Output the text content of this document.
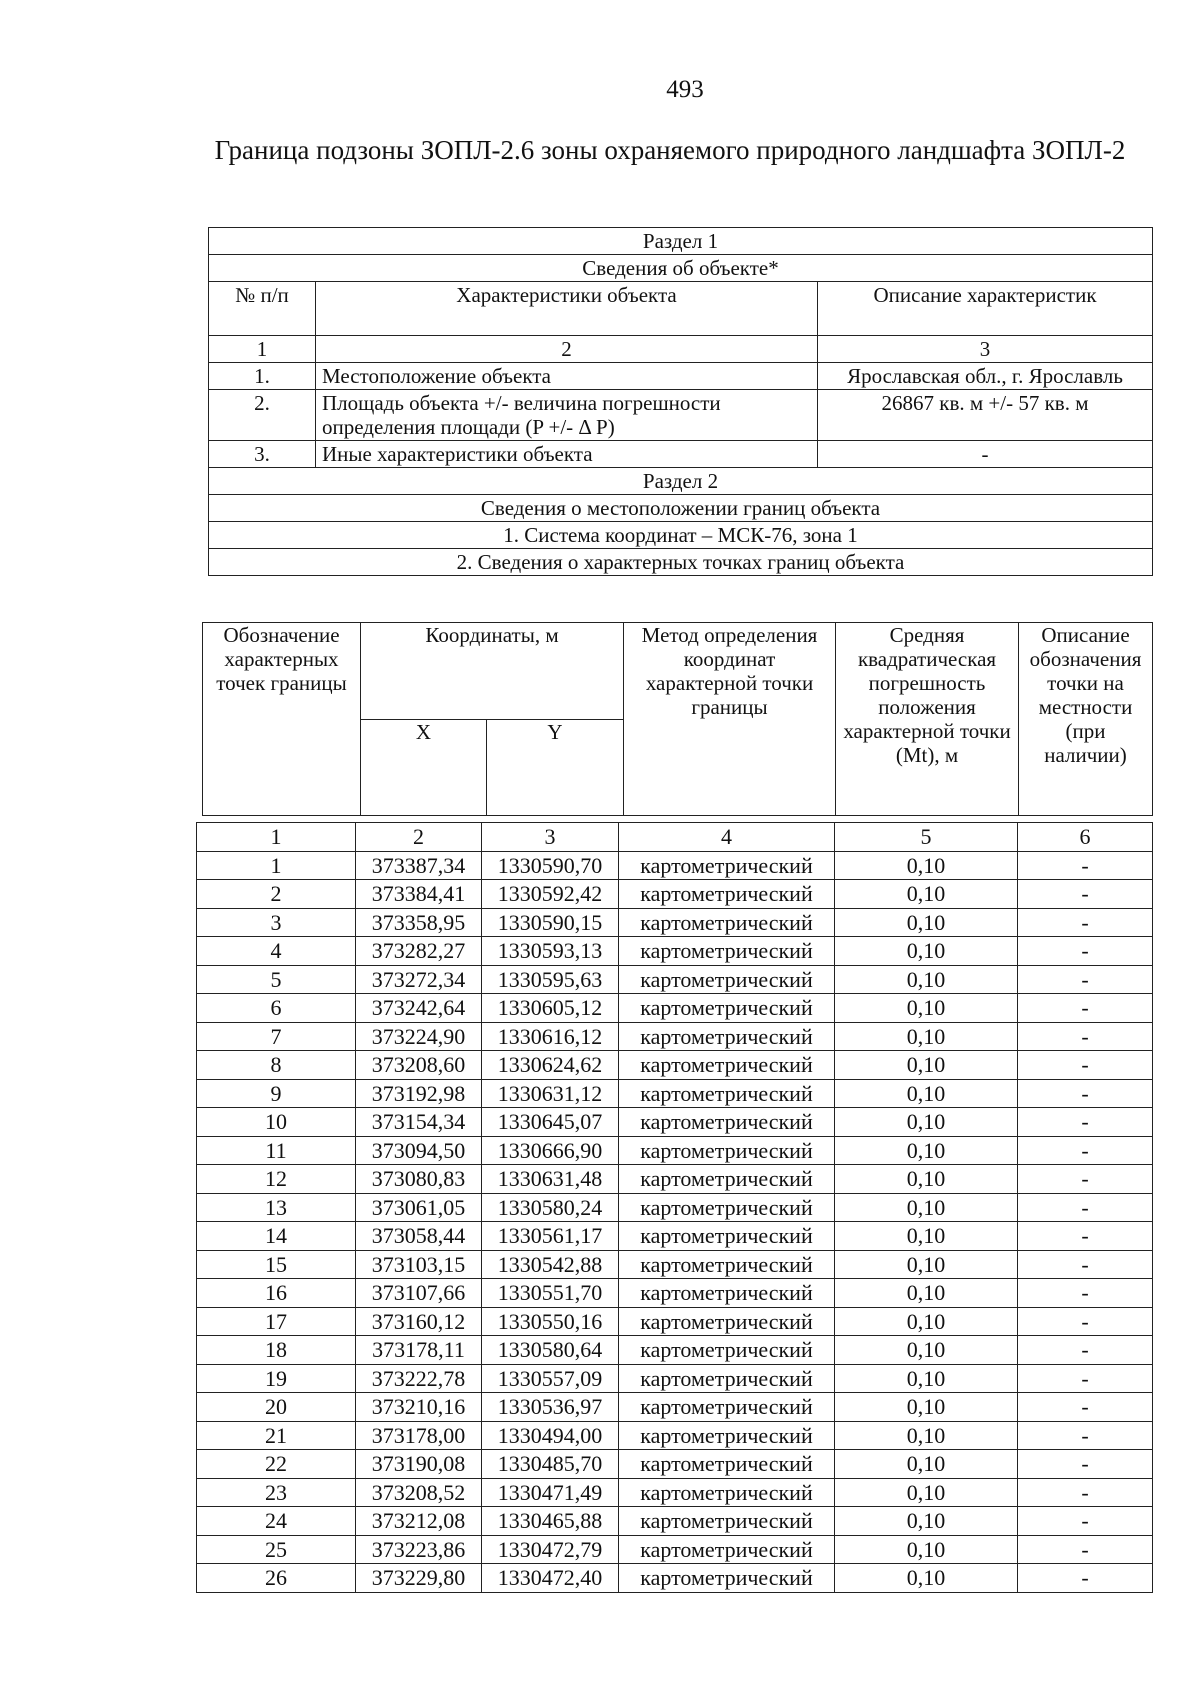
493
Граница подзоны ЗОПЛ-2.6 зоны охраняемого природного ландшафта ЗОПЛ-2
Раздел 1		
Сведения об объекте*		
№ п/п	Характеристики объекта	Описание характеристик
1	2	3
1.	Местоположение объекта	Ярославская обл., г. Ярославль
2.	Площадь объекта +/- величина погрешности определения площади (P +/- Δ P)	26867 кв. м +/- 57 кв. м
3.	Иные характеристики объекта	-
Раздел 2		
Сведения о местоположении границ объекта		
1. Система координат – МСК-76, зона 1		
2. Сведения о характерных точках границ объекта		
Обозначение характерных точек границы	Координаты, м		Метод определения координат характерной точки границы	Средняя квадратическая погрешность положения характерной точки (Mt), м	Описание обозначения точки на местности (при наличии)
	X	Y			
1	2	3	4	5	6
1	373387,34	1330590,70	картометрический	0,10	-
2	373384,41	1330592,42	картометрический	0,10	-
3	373358,95	1330590,15	картометрический	0,10	-
4	373282,27	1330593,13	картометрический	0,10	-
5	373272,34	1330595,63	картометрический	0,10	-
6	373242,64	1330605,12	картометрический	0,10	-
7	373224,90	1330616,12	картометрический	0,10	-
8	373208,60	1330624,62	картометрический	0,10	-
9	373192,98	1330631,12	картометрический	0,10	-
10	373154,34	1330645,07	картометрический	0,10	-
11	373094,50	1330666,90	картометрический	0,10	-
12	373080,83	1330631,48	картометрический	0,10	-
13	373061,05	1330580,24	картометрический	0,10	-
14	373058,44	1330561,17	картометрический	0,10	-
15	373103,15	1330542,88	картометрический	0,10	-
16	373107,66	1330551,70	картометрический	0,10	-
17	373160,12	1330550,16	картометрический	0,10	-
18	373178,11	1330580,64	картометрический	0,10	-
19	373222,78	1330557,09	картометрический	0,10	-
20	373210,16	1330536,97	картометрический	0,10	-
21	373178,00	1330494,00	картометрический	0,10	-
22	373190,08	1330485,70	картометрический	0,10	-
23	373208,52	1330471,49	картометрический	0,10	-
24	373212,08	1330465,88	картометрический	0,10	-
25	373223,86	1330472,79	картометрический	0,10	-
26	373229,80	1330472,40	картометрический	0,10	-
